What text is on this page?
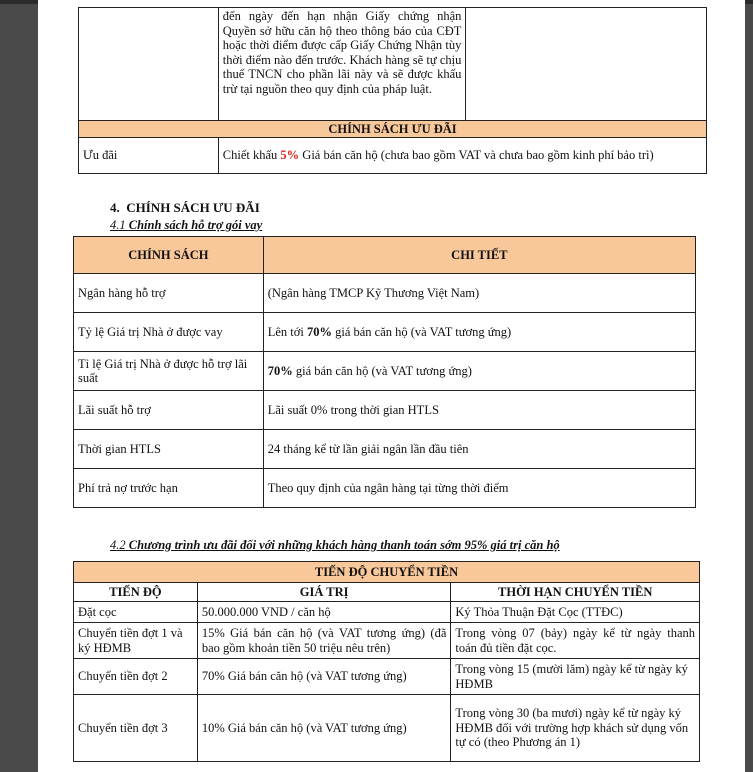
	đến ngày đến hạn nhận Giấy chứng nhận Quyền sở hữu căn hộ theo thông báo của CĐT hoặc thời điểm được cấp Giấy Chứng Nhận tùy thời điểm nào đến trước. Khách hàng sẽ tự chịu thuế TNCN cho phần lãi này và sẽ được khấu trừ tại nguồn theo quy định của pháp luật.	
CHÍNH SÁCH ƯU ĐÃI		
Ưu đãi	Chiết khấu 5% Giá bán căn hộ (chưa bao gồm VAT và chưa bao gồm kinh phí bảo trì)	
4.  CHÍNH SÁCH ƯU ĐÃI
4.1 Chính sách hỗ trợ gói vay
CHÍNH SÁCH	CHI TIẾT
Ngân hàng hỗ trợ	(Ngân hàng TMCP Kỹ Thương Việt Nam)
Tỷ lệ Giá trị Nhà ở được vay	Lên tới 70% giá bán căn hộ (và VAT tương ứng)
Tỉ lệ Giá trị Nhà ở được hỗ trợ lãi suất	70% giá bán căn hộ (và VAT tương ứng)
Lãi suất hỗ trợ	Lãi suất 0% trong thời gian HTLS
Thời gian HTLS	24 tháng kể từ lần giải ngân lần đầu tiên
Phí trả nợ trước hạn	Theo quy định của ngân hàng tại từng thời điểm
4.2 Chương trình ưu đãi đối với những khách hàng thanh toán sớm 95% giá trị căn hộ
TIẾN ĐỘ CHUYỂN TIỀN		
TIẾN ĐỘ	GIÁ TRỊ	THỜI HẠN CHUYỂN TIỀN
Đặt cọc	50.000.000 VND / căn hộ	Ký Thỏa Thuận Đặt Cọc (TTĐC)
Chuyển tiền đợt 1 và ký HĐMB	15% Giá bán căn hộ (và VAT tương ứng) (đã bao gồm khoản tiền 50 triệu nêu trên)	Trong vòng 07 (bảy) ngày kể từ ngày thanh toán đủ tiền đặt cọc.
Chuyển tiền đợt 2	70% Giá bán căn hộ (và VAT tương ứng)	Trong vòng 15 (mười lăm) ngày kể từ ngày ký HĐMB
Chuyển tiền đợt 3	10% Giá bán căn hộ (và VAT tương ứng)	Trong vòng 30 (ba mươi) ngày kể từ ngày ký HĐMB đối với trường hợp khách sử dụng vốn tự có (theo Phương án 1)
